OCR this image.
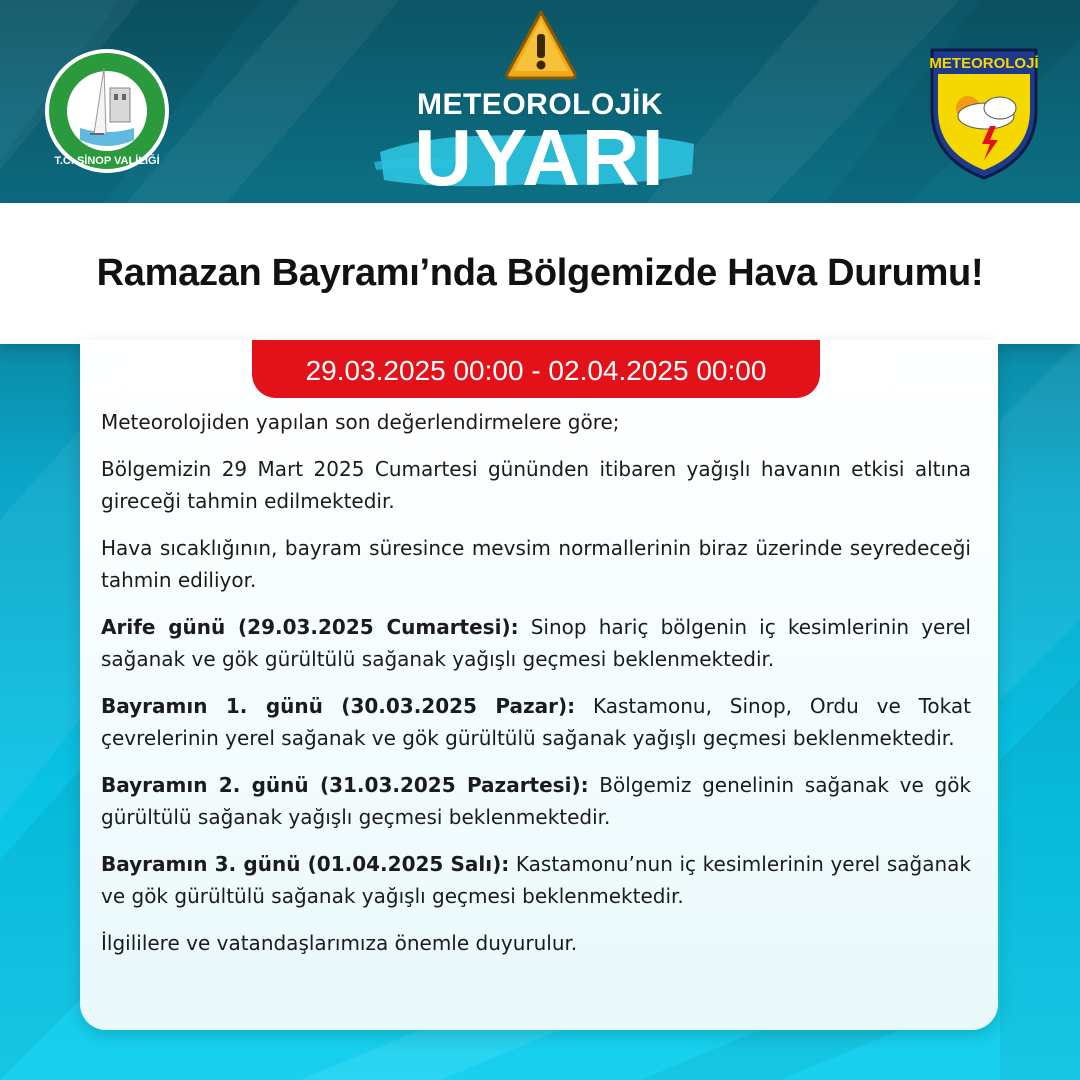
T.C. SİNOP VALİLİĞİ
METEOROLOJİK
UYARI
METEOROLOJİ
Ramazan Bayramı’nda Bölgemizde Hava Durumu!
29.03.2025 00:00 - 02.04.2025 00:00

Meteorolojiden yapılan son değerlendirmelere göre;

Bölgemizin 29 Mart 2025 Cumartesi gününden itibaren yağışlı havanın etkisi altına gireceği tahmin edilmektedir.

Hava sıcaklığının, bayram süresince mevsim normallerinin biraz üzerinde seyredeceği tahmin ediliyor.

Arife günü (29.03.2025 Cumartesi): Sinop hariç bölgenin iç kesimlerinin yerel sağanak ve gök gürültülü sağanak yağışlı geçmesi beklenmektedir.

Bayramın 1. günü (30.03.2025 Pazar): Kastamonu, Sinop, Ordu ve Tokat çevrelerinin yerel sağanak ve gök gürültülü sağanak yağışlı geçmesi beklenmektedir.

Bayramın 2. günü (31.03.2025 Pazartesi): Bölgemiz genelinin sağanak ve gök gürültülü sağanak yağışlı geçmesi beklenmektedir.

Bayramın 3. günü (01.04.2025 Salı): Kastamonu’nun iç kesimlerinin yerel sağanak ve gök gürültülü sağanak yağışlı geçmesi beklenmektedir.

İlgililere ve vatandaşlarımıza önemle duyurulur.
